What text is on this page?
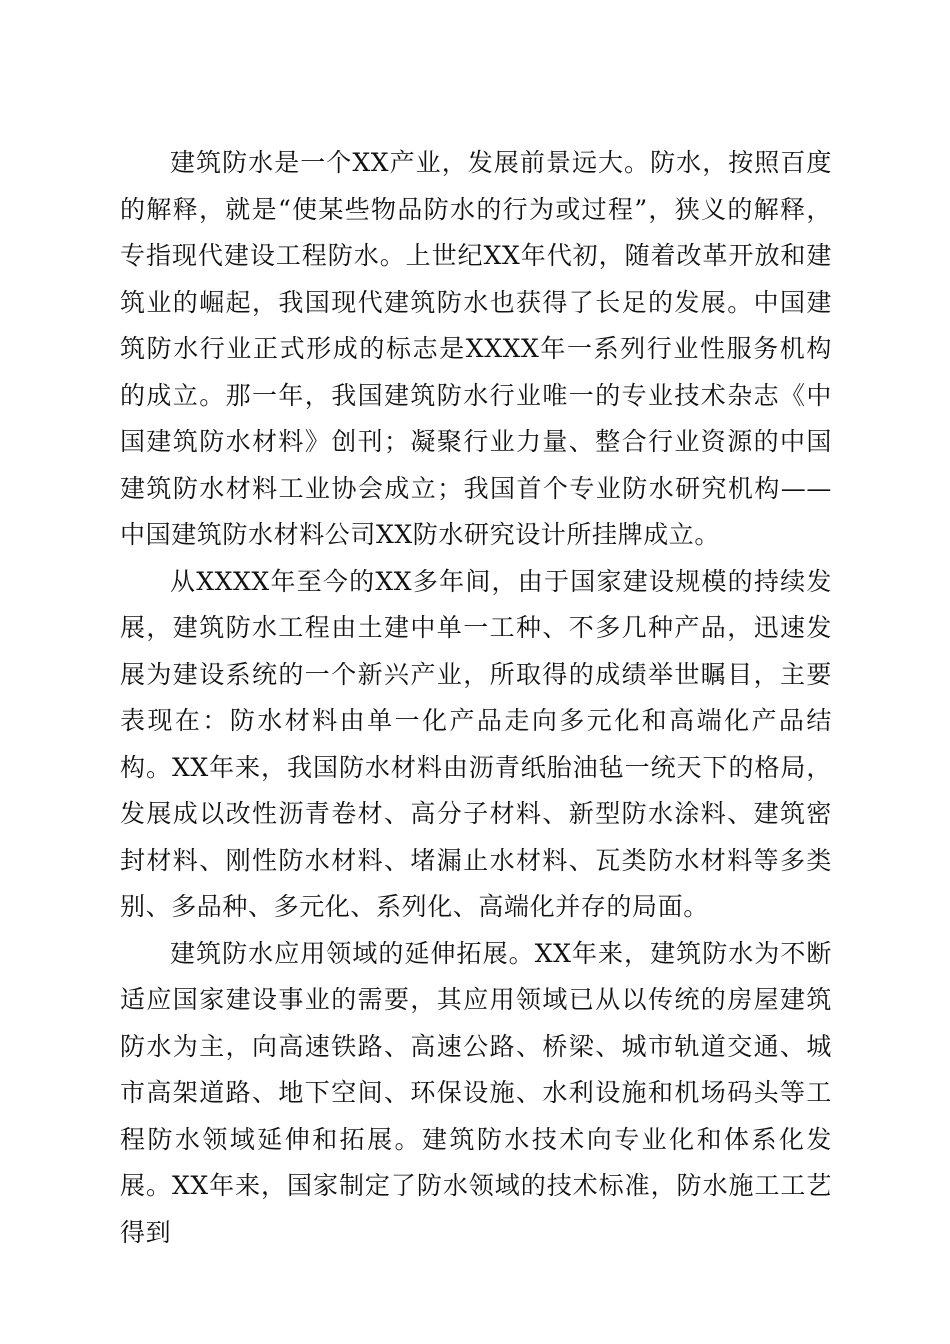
建筑防水是一个XX产业，发展前景远大。防水，按照百度的解释，就是“使某些物品防水的行为或过程”，狭义的解释，专指现代建设工程防水。上世纪XX年代初，随着改革开放和建筑业的崛起，我国现代建筑防水也获得了长足的发展。中国建筑防水行业正式形成的标志是XXXX年一系列行业性服务机构的成立。那一年，我国建筑防水行业唯一的专业技术杂志《中国建筑防水材料》创刊；凝聚行业力量、整合行业资源的中国建筑防水材料工业协会成立；我国首个专业防水研究机构——中国建筑防水材料公司XX防水研究设计所挂牌成立。

从XXXX年至今的XX多年间，由于国家建设规模的持续发展，建筑防水工程由土建中单一工种、不多几种产品，迅速发展为建设系统的一个新兴产业，所取得的成绩举世瞩目，主要表现在：防水材料由单一化产品走向多元化和高端化产品结构。XX年来，我国防水材料由沥青纸胎油毡一统天下的格局，发展成以改性沥青卷材、高分子材料、新型防水涂料、建筑密封材料、刚性防水材料、堵漏止水材料、瓦类防水材料等多类别、多品种、多元化、系列化、高端化并存的局面。

建筑防水应用领域的延伸拓展。XX年来，建筑防水为不断适应国家建设事业的需要，其应用领域已从以传统的房屋建筑防水为主，向高速铁路、高速公路、桥梁、城市轨道交通、城市高架道路、地下空间、环保设施、水利设施和机场码头等工程防水领域延伸和拓展。建筑防水技术向专业化和体系化发展。XX年来，国家制定了防水领域的技术标准，防水施工工艺得到
